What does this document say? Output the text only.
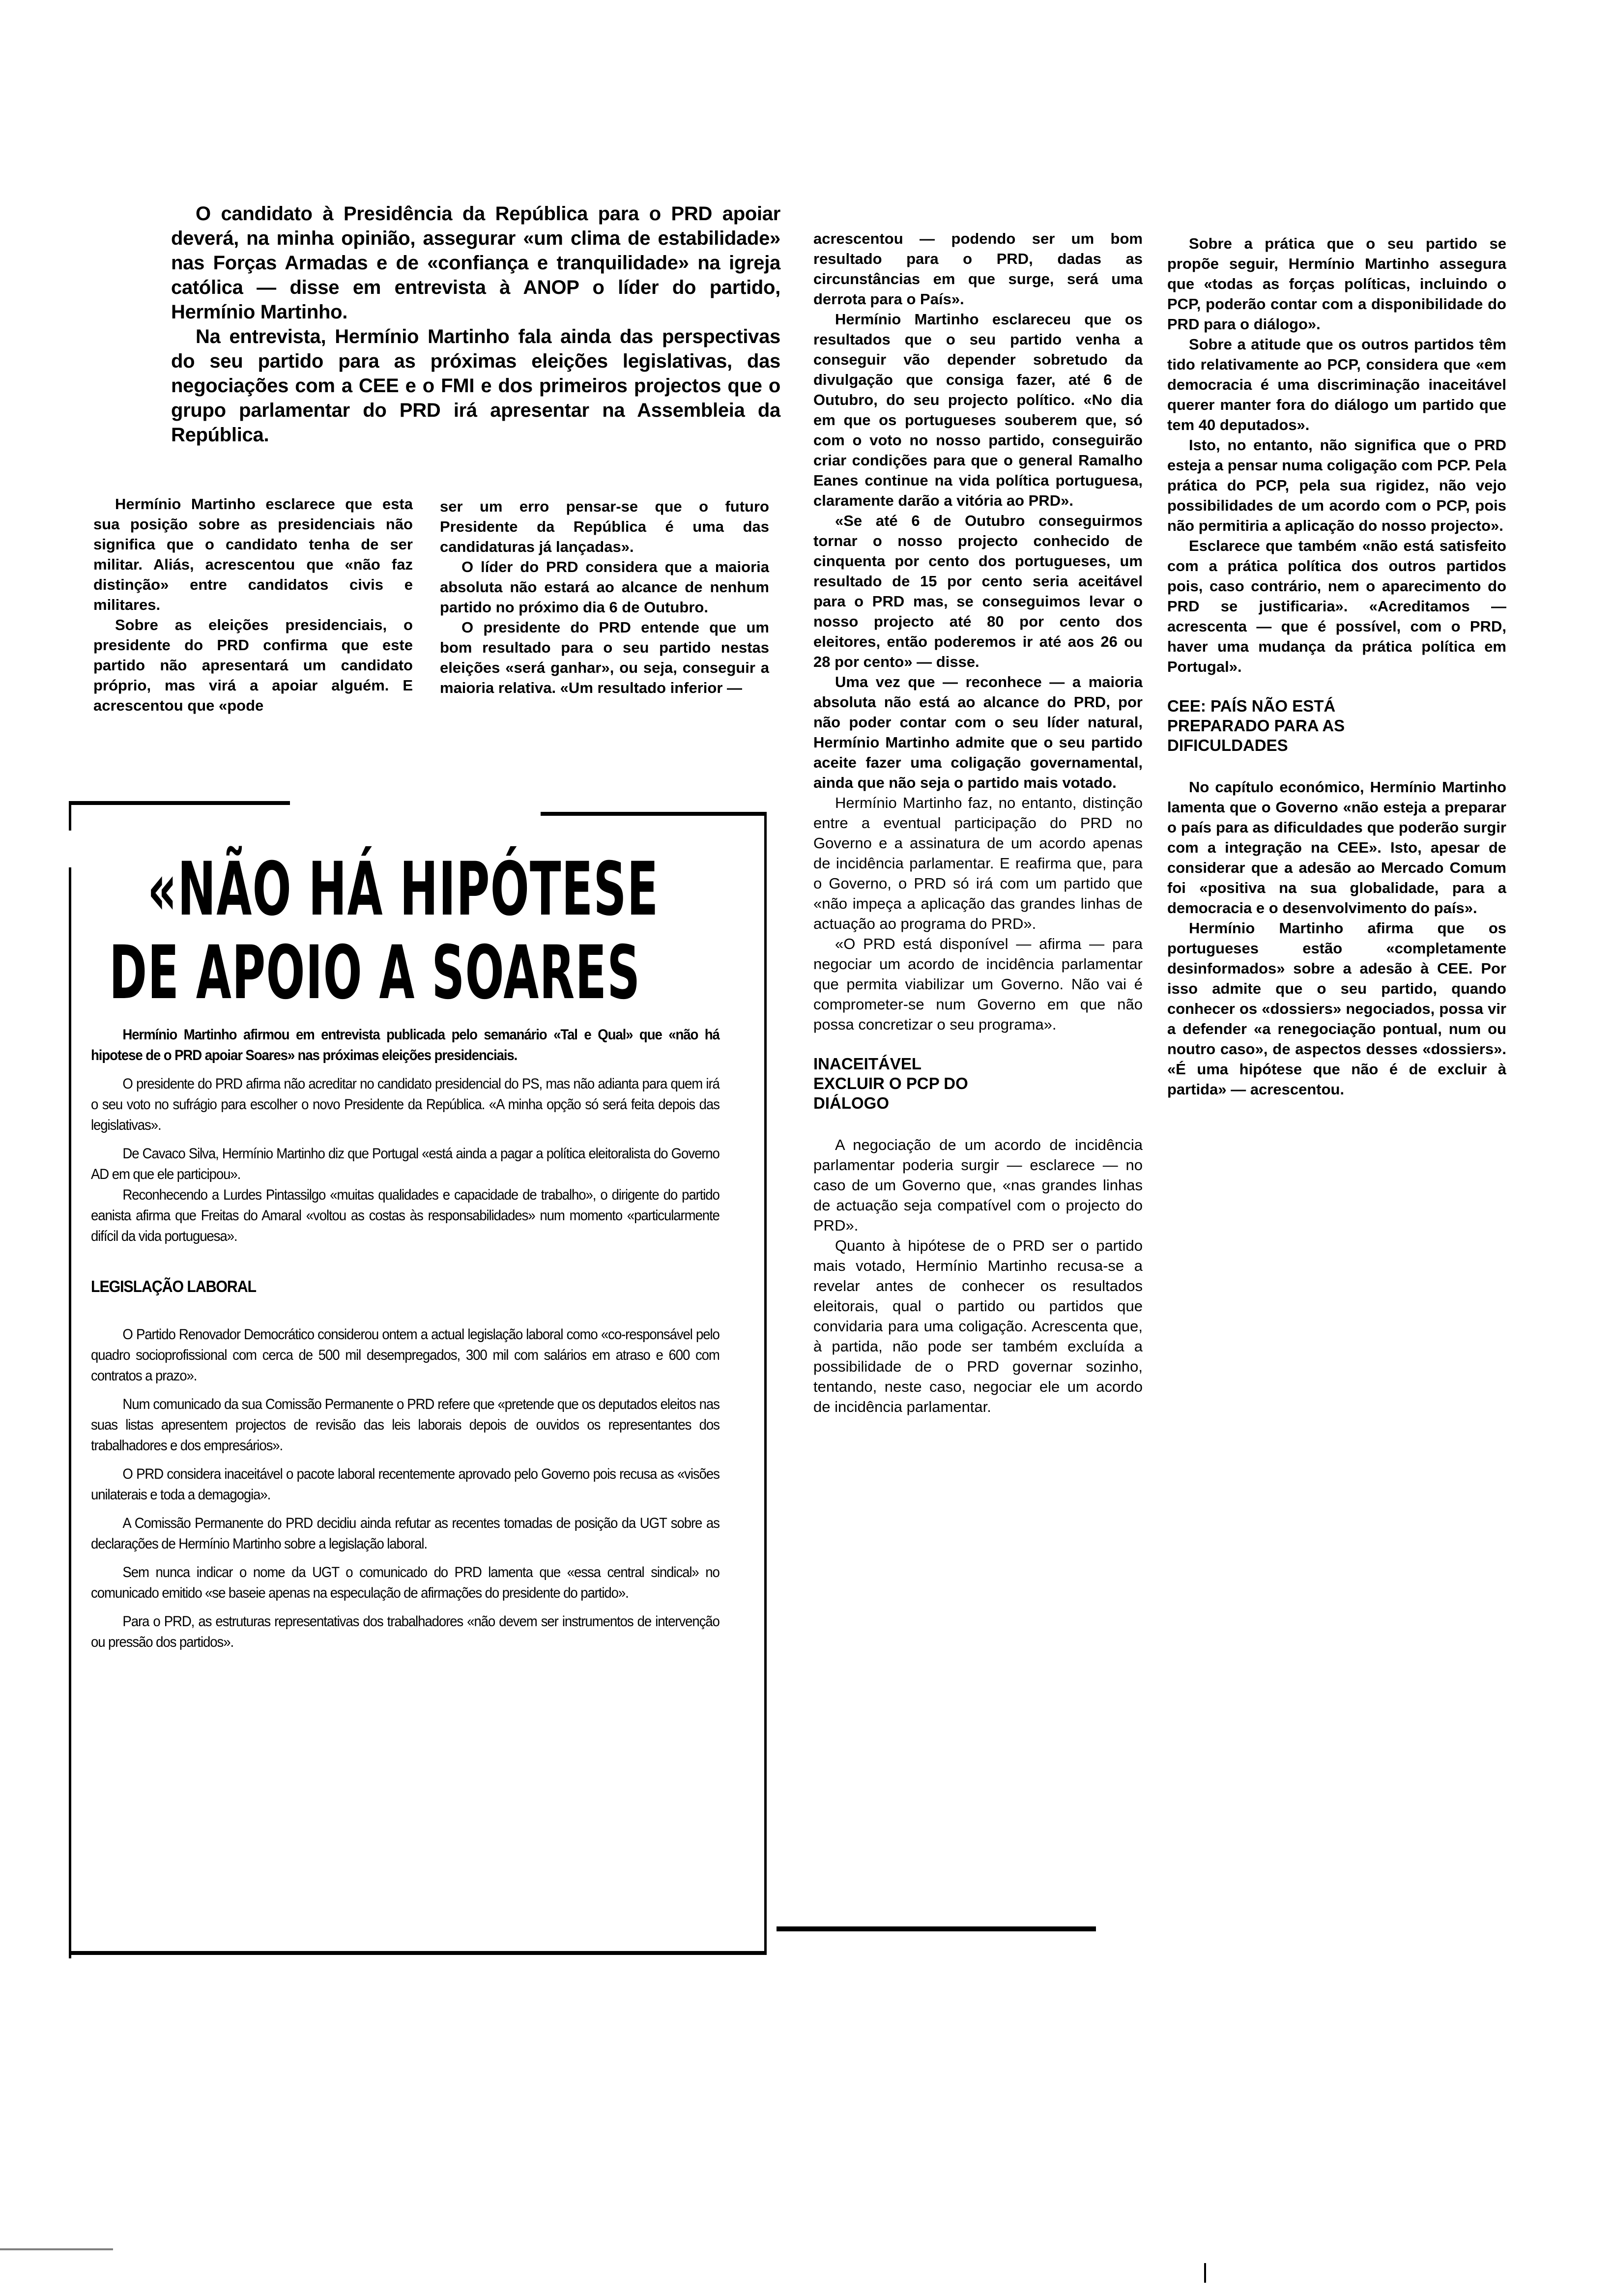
O candidato à Presidência da República para o PRD apoiar deverá, na minha opinião, assegurar «um clima de estabilidade» nas Forças Armadas e de «confiança e tranquilidade» na igreja católica — disse em entrevista à ANOP o líder do partido, Hermínio Martinho.

Na entrevista, Hermínio Martinho fala ainda das perspectivas do seu partido para as próximas eleições legislativas, das negociações com a CEE e o FMI e dos primeiros projectos que o grupo parlamentar do PRD irá apresentar na Assembleia da República.

Hermínio Martinho esclarece que esta sua posição sobre as presidenciais não significa que o candidato tenha de ser militar. Aliás, acrescentou que «não faz distinção» entre candidatos civis e militares.

Sobre as eleições presidenciais, o presidente do PRD confirma que este partido não apresentará um candidato próprio, mas virá a apoiar alguém. E acrescentou que «pode

ser um erro pensar-se que o futuro Presidente da República é uma das candidaturas já lançadas».

O líder do PRD considera que a maioria absoluta não estará ao alcance de nenhum partido no próximo dia 6 de Outubro.

O presidente do PRD entende que um bom resultado para o seu partido nestas eleições «será ganhar», ou seja, conseguir a maioria relativa. «Um resultado inferior —

acrescentou — podendo ser um bom resultado para o PRD, dadas as circunstâncias em que surge, será uma derrota para o País».

Hermínio Martinho esclareceu que os resultados que o seu partido venha a conseguir vão depender sobretudo da divulgação que consiga fazer, até 6 de Outubro, do seu projecto político. «No dia em que os portugueses souberem que, só com o voto no nosso partido, conseguirão criar condições para que o general Ramalho Eanes continue na vida política portuguesa, claramente darão a vitória ao PRD».

«Se até 6 de Outubro conseguirmos tornar o nosso projecto conhecido de cinquenta por cento dos portugueses, um resultado de 15 por cento seria aceitável para o PRD mas, se conseguimos levar o nosso projecto até 80 por cento dos eleitores, então poderemos ir até aos 26 ou 28 por cento» — disse.

Uma vez que — reconhece — a maioria absoluta não está ao alcance do PRD, por não poder contar com o seu líder natural, Hermínio Martinho admite que o seu partido aceite fazer uma coligação governamental, ainda que não seja o partido mais votado.

Hermínio Martinho faz, no entanto, distinção entre a eventual participação do PRD no Governo e a assinatura de um acordo apenas de incidência parlamentar. E reafirma que, para o Governo, o PRD só irá com um partido que «não impeça a aplicação das grandes linhas de actuação ao programa do PRD».

«O PRD está disponível — afirma — para negociar um acordo de incidência parlamentar que permita viabilizar um Governo. Não vai é comprometer-se num Governo em que não possa concretizar o seu programa».

INACEITÁVEL EXCLUIR O PCP DO DIÁLOGO

A negociação de um acordo de incidência parlamentar poderia surgir — esclarece — no caso de um Governo que, «nas grandes linhas de actuação seja compatível com o projecto do PRD».

Quanto à hipótese de o PRD ser o partido mais votado, Hermínio Martinho recusa-se a revelar antes de conhecer os resultados eleitorais, qual o partido ou partidos que convidaria para uma coligação. Acrescenta que, à partida, não pode ser também excluída a possibilidade de o PRD governar sozinho, tentando, neste caso, negociar ele um acordo de incidência parlamentar.

Sobre a prática que o seu partido se propõe seguir, Hermínio Martinho assegura que «todas as forças políticas, incluindo o PCP, poderão contar com a disponibilidade do PRD para o diálogo».

Sobre a atitude que os outros partidos têm tido relativamente ao PCP, considera que «em democracia é uma discriminação inaceitável querer manter fora do diálogo um partido que tem 40 deputados».

Isto, no entanto, não significa que o PRD esteja a pensar numa coligação com PCP. Pela prática do PCP, pela sua rigidez, não vejo possibilidades de um acordo com o PCP, pois não permitiria a aplicação do nosso projecto».

Esclarece que também «não está satisfeito com a prática política dos outros partidos pois, caso contrário, nem o aparecimento do PRD se justificaria». «Acreditamos — acrescenta — que é possível, com o PRD, haver uma mudança da prática política em Portugal».

CEE: PAÍS NÃO ESTÁ PREPARADO PARA AS DIFICULDADES

No capítulo económico, Hermínio Martinho lamenta que o Governo «não esteja a preparar o país para as dificuldades que poderão surgir com a integração na CEE». Isto, apesar de considerar que a adesão ao Mercado Comum foi «positiva na sua globalidade, para a democracia e o desenvolvimento do país».

Hermínio Martinho afirma que os portugueses estão «completamente desinformados» sobre a adesão à CEE. Por isso admite que o seu partido, quando conhecer os «dossiers» negociados, possa vir a defender «a renegociação pontual, num ou noutro caso», de aspectos desses «dossiers». «É uma hipótese que não é de excluir à partida» — acrescentou.

«NÃO HÁ HIPÓTESE
DE APOIO A SOARES

Hermínio Martinho afirmou em entrevista publicada pelo semanário «Tal e Qual» que «não há hipotese de o PRD apoiar Soares» nas próximas eleições presidenciais.

O presidente do PRD afirma não acreditar no candidato presidencial do PS, mas não adianta para quem irá o seu voto no sufrágio para escolher o novo Presidente da República. «A minha opção só será feita depois das legislativas».

De Cavaco Silva, Hermínio Martinho diz que Portugal «está ainda a pagar a política eleitoralista do Governo AD em que ele participou».

Reconhecendo a Lurdes Pintassilgo «muitas qualidades e capacidade de trabalho», o dirigente do partido eanista afirma que Freitas do Amaral «voltou as costas às responsabilidades» num momento «particularmente difícil da vida portuguesa».

LEGISLAÇÃO LABORAL

O Partido Renovador Democrático considerou ontem a actual legislação laboral como «co-responsável pelo quadro socioprofissional com cerca de 500 mil desempregados, 300 mil com salários em atraso e 600 com contratos a prazo».

Num comunicado da sua Comissão Permanente o PRD refere que «pretende que os deputados eleitos nas suas listas apresentem projectos de revisão das leis laborais depois de ouvidos os representantes dos trabalhadores e dos empresários».

O PRD considera inaceitável o pacote laboral recentemente aprovado pelo Governo pois recusa as «visões unilaterais e toda a demagogia».

A Comissão Permanente do PRD decidiu ainda refutar as recentes tomadas de posição da UGT sobre as declarações de Hermínio Martinho sobre a legislação laboral.

Sem nunca indicar o nome da UGT o comunicado do PRD lamenta que «essa central sindical» no comunicado emitido «se baseie apenas na especulação de afirmações do presidente do partido».

Para o PRD, as estruturas representativas dos trabalhadores «não devem ser instrumentos de intervenção ou pressão dos partidos».
